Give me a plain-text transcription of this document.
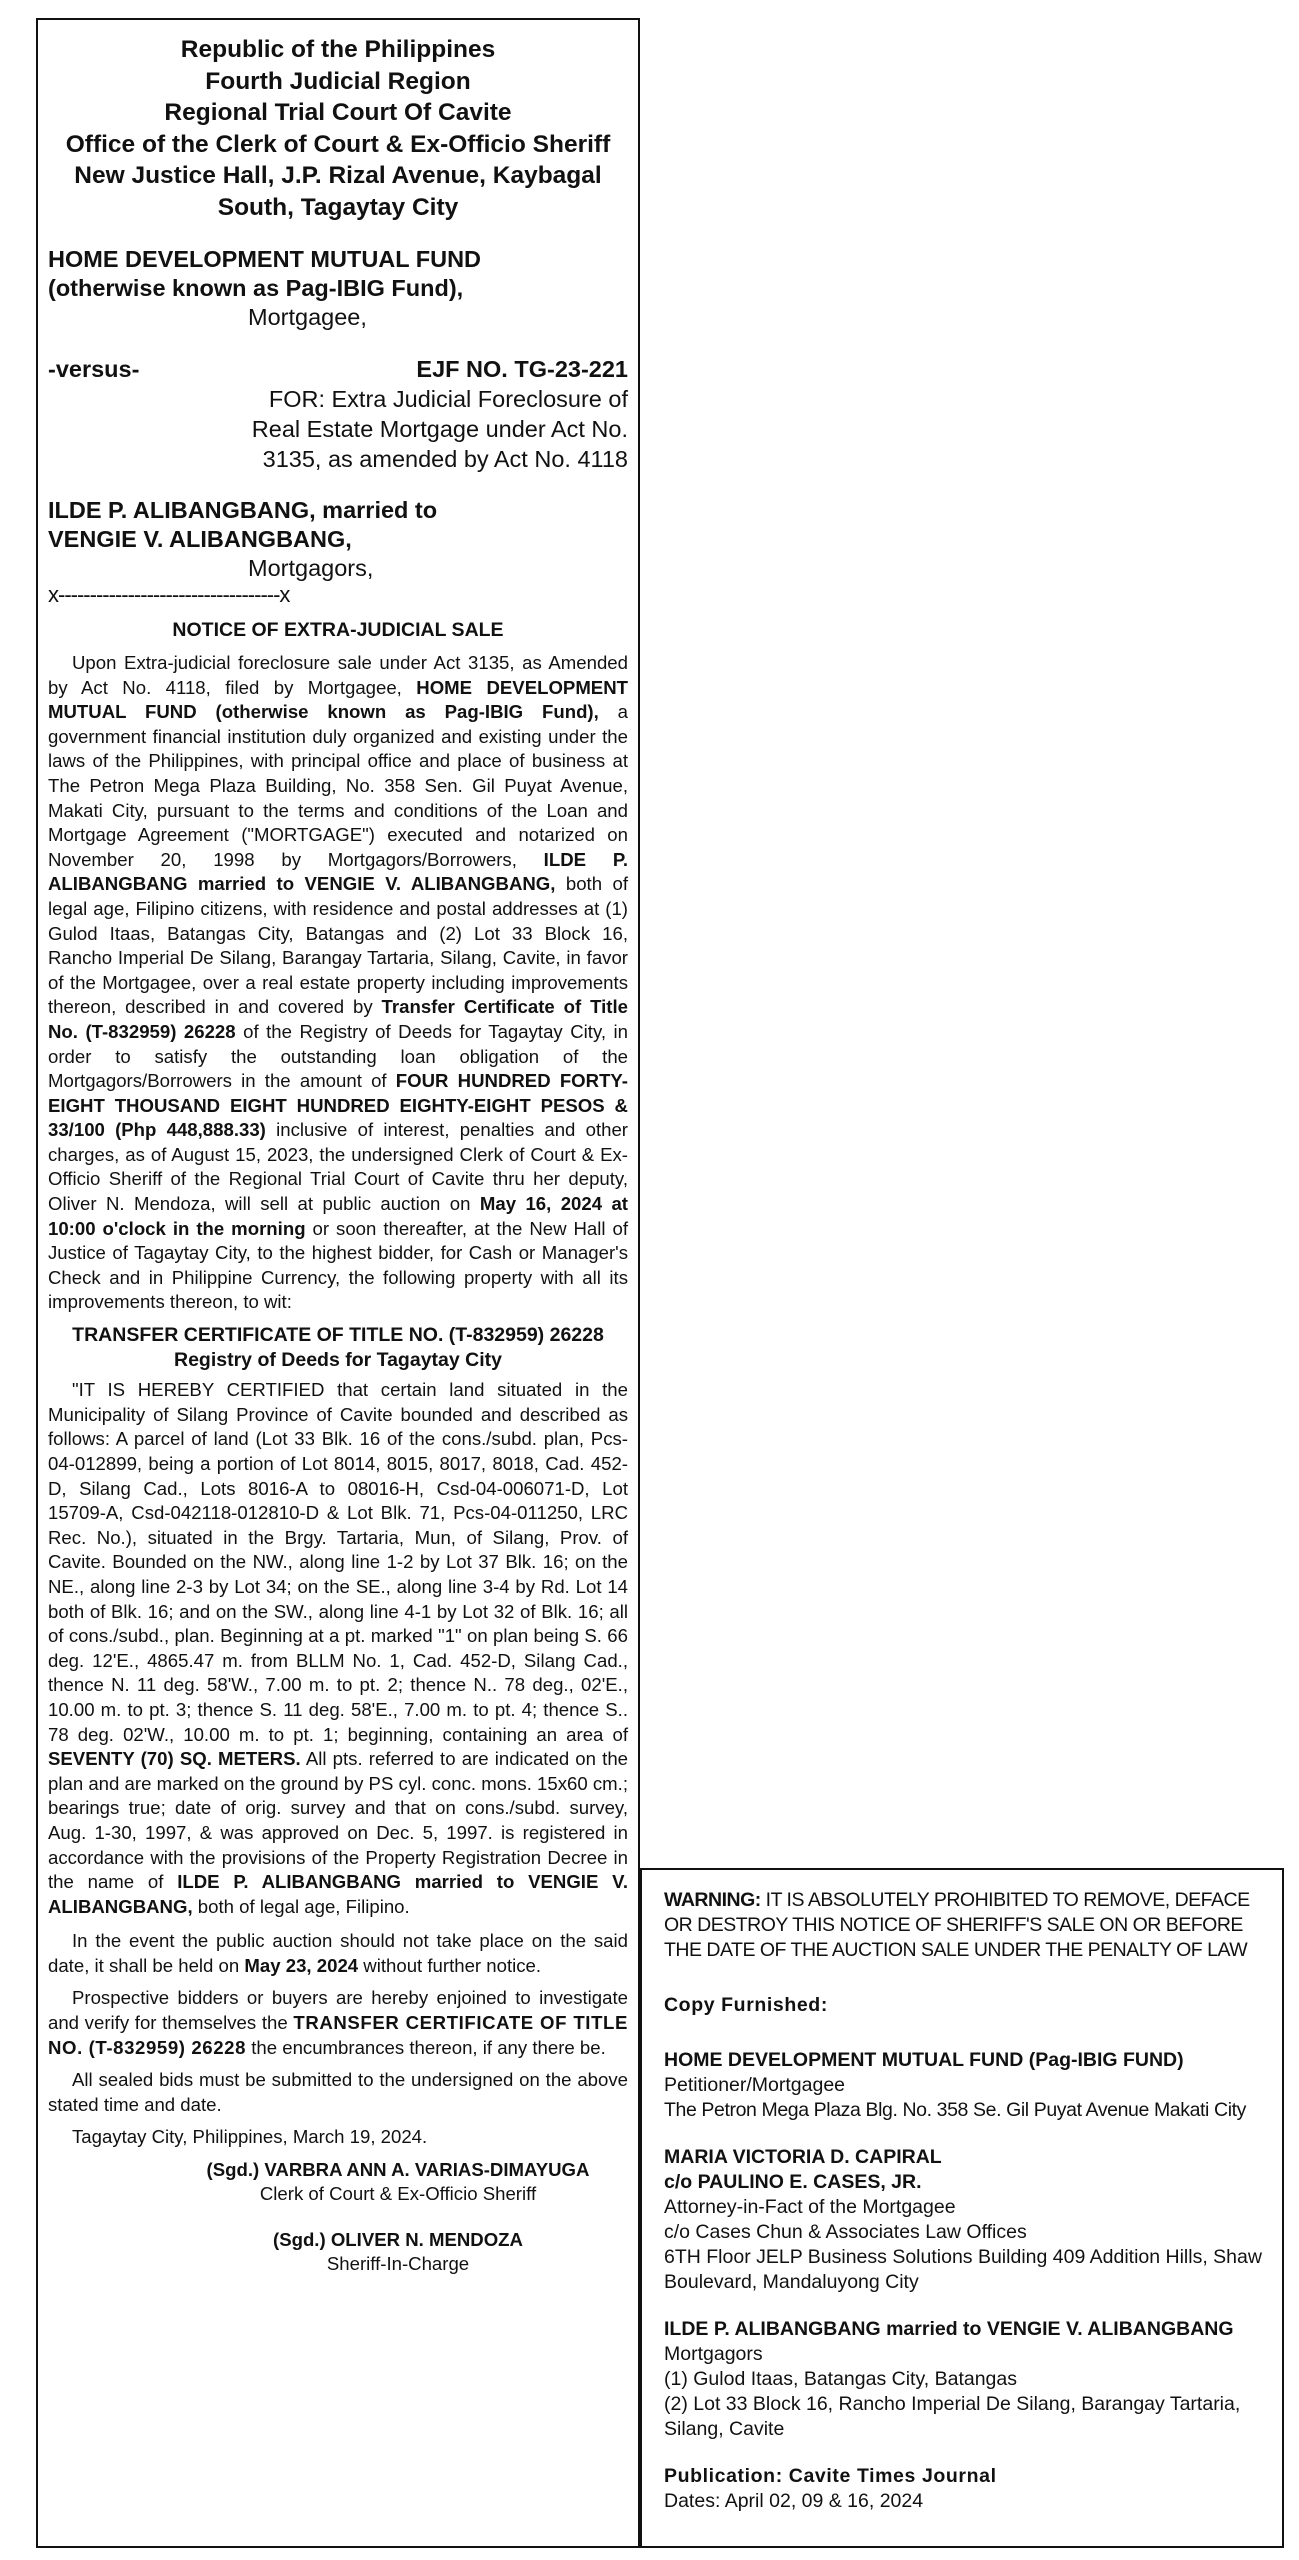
Republic of the Philippines

Fourth Judicial Region

Regional Trial Court Of Cavite

Office of the Clerk of Court & Ex-Officio Sheriff

New Justice Hall, J.P. Rizal Avenue, Kaybagal

South, Tagaytay City

HOME DEVELOPMENT MUTUAL FUND
(otherwise known as Pag-IBIG Fund),
Mortgagee,
-versus-	EJF NO. TG-23-221
FOR: Extra Judicial Foreclosure of
Real Estate Mortgage under Act No.
3135, as amended by Act No. 4118
ILDE P. ALIBANGBANG, married to
VENGIE V. ALIBANGBANG,
Mortgagors,
x-----------------------------------x
NOTICE OF EXTRA-JUDICIAL SALE

Upon Extra-judicial foreclosure sale under Act 3135, as Amended by Act No. 4118, filed by Mortgagee, HOME DEVELOPMENT MUTUAL FUND (otherwise known as Pag-IBIG Fund), a government financial institution duly organized and existing under the laws of the Philippines, with principal office and place of business at The Petron Mega Plaza Building, No. 358 Sen. Gil Puyat Avenue, Makati City, pursuant to the terms and conditions of the Loan and Mortgage Agreement ("MORTGAGE") executed and notarized on November 20, 1998 by Mortgagors/Borrowers, ILDE P. ALIBANGBANG married to VENGIE V. ALIBANGBANG, both of legal age, Filipino citizens, with residence and postal addresses at (1) Gulod Itaas, Batangas City, Batangas and (2) Lot 33 Block 16, Rancho Imperial De Silang, Barangay Tartaria, Silang, Cavite, in favor of the Mortgagee, over a real estate property including improvements thereon, described in and covered by Transfer Certificate of Title No. (T-832959) 26228 of the Registry of Deeds for Tagaytay City, in order to satisfy the outstanding loan obligation of the Mortgagors/Borrowers in the amount of FOUR HUNDRED FORTY-EIGHT THOUSAND EIGHT HUNDRED EIGHTY-EIGHT PESOS & 33/100 (Php 448,888.33) inclusive of interest, penalties and other charges, as of August 15, 2023, the undersigned Clerk of Court & Ex-Officio Sheriff of the Regional Trial Court of Cavite thru her deputy, Oliver N. Mendoza, will sell at public auction on May 16, 2024 at 10:00 o'clock in the morning or soon thereafter, at the New Hall of Justice of Tagaytay City, to the highest bidder, for Cash or Manager's Check and in Philippine Currency, the following property with all its improvements thereon, to wit:

TRANSFER CERTIFICATE OF TITLE NO. (T-832959) 26228
Registry of Deeds for Tagaytay City

"IT IS HEREBY CERTIFIED that certain land situated in the Municipality of Silang Province of Cavite bounded and described as follows: A parcel of land (Lot 33 Blk. 16 of the cons./subd. plan, Pcs-04-012899, being a portion of Lot 8014, 8015, 8017, 8018, Cad. 452-D, Silang Cad., Lots 8016-A to 08016-H, Csd-04-006071-D, Lot 15709-A, Csd-042118-012810-D & Lot Blk. 71, Pcs-04-011250, LRC Rec. No.), situated in the Brgy. Tartaria, Mun, of Silang, Prov. of Cavite. Bounded on the NW., along line 1-2 by Lot 37 Blk. 16; on the NE., along line 2-3 by Lot 34; on the SE., along line 3-4 by Rd. Lot 14 both of Blk. 16; and on the SW., along line 4-1 by Lot 32 of Blk. 16; all of cons./subd., plan. Beginning at a pt. marked "1" on plan being S. 66 deg. 12'E., 4865.47 m. from BLLM No. 1, Cad. 452-D, Silang Cad., thence N. 11 deg. 58'W., 7.00 m. to pt. 2; thence N.. 78 deg., 02'E., 10.00 m. to pt. 3; thence S. 11 deg. 58'E., 7.00 m. to pt. 4; thence S.. 78 deg. 02'W., 10.00 m. to pt. 1; beginning, containing an area of SEVENTY (70) SQ. METERS. All pts. referred to are indicated on the plan and are marked on the ground by PS cyl. conc. mons. 15x60 cm.; bearings true; date of orig. survey and that on cons./subd. survey, Aug. 1-30, 1997, & was approved on Dec. 5, 1997. is registered in accordance with the provisions of the Property Registration Decree in the name of ILDE P. ALIBANGBANG married to VENGIE V. ALIBANGBANG, both of legal age, Filipino.

In the event the public auction should not take place on the said date, it shall be held on May 23, 2024 without further notice.

Prospective bidders or buyers are hereby enjoined to investigate and verify for themselves the TRANSFER CERTIFICATE OF TITLE NO. (T-832959) 26228 the encumbrances thereon, if any there be.

All sealed bids must be submitted to the undersigned on the above stated time and date.

Tagaytay City, Philippines, March 19, 2024.

(Sgd.) VARBRA ANN A. VARIAS-DIMAYUGA
Clerk of Court & Ex-Officio Sheriff
(Sgd.) OLIVER N. MENDOZA
Sheriff-In-Charge

WARNING: IT IS ABSOLUTELY PROHIBITED TO REMOVE, DEFACE OR DESTROY THIS NOTICE OF SHERIFF'S SALE ON OR BEFORE THE DATE OF THE AUCTION SALE UNDER THE PENALTY OF LAW

Copy Furnished:

HOME DEVELOPMENT MUTUAL FUND (Pag-IBIG FUND)
Petitioner/Mortgagee
The Petron Mega Plaza Blg. No. 358 Se. Gil Puyat Avenue Makati City
MARIA VICTORIA D. CAPIRAL
c/o PAULINO E. CASES, JR.
Attorney-in-Fact of the Mortgagee
c/o Cases Chun & Associates Law Offices
6TH Floor JELP Business Solutions Building 409 Addition Hills, Shaw Boulevard, Mandaluyong City
ILDE P. ALIBANGBANG married to VENGIE V. ALIBANGBANG
Mortgagors
(1) Gulod Itaas, Batangas City, Batangas
(2) Lot 33 Block 16, Rancho Imperial De Silang, Barangay Tartaria, Silang, Cavite
Publication: Cavite Times Journal
Dates: April 02, 09 & 16, 2024
